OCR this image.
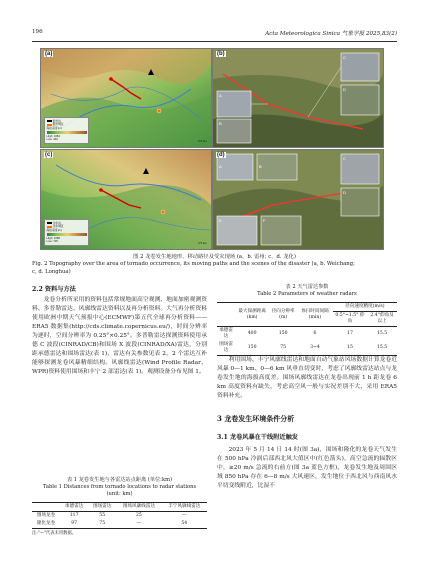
196	Acta Meteorologica Sinica 气象学报 2025,83(2)
(a)
雷州站
雷州城区
海拔高度(m)
High: 1684
Low: 340	0 5 km
(b)
A
B
C
D
(c)
龙华站
龙华城区
海拔高度(m)
High: 1686
Low: 725	0 5 km
(d)
A	B
C
D
E	F
图 2 龙卷发生地地形、移动路径及受灾现场 (a、b. 雷州; c、d. 龙化)
Fig. 2 Topography over the area of tornado occurrence, its moving paths and the scenes of the disaster (a, b. Weichang;
c, d. Longhua)
2.2 资料与方法

龙卷分析所采用的资料包括常规地面高空观测、地面加密观测资料、多普勒雷达、风廓线雷达资料以及再分析资料。大气再分析资料使用欧洲中期天气预报中心(ECMWF)第五代全球再分析资料——ERA5 数据集(http://cds.climate.copernicus.eu/)，时间分辨率为逐时，空间分辨率为 0.25°×0.25°。多普勒雷达探测资料使用承德 C 波段(CINRAD/CB)和围场 X 波段(CINRAD/XA)雷达，分别距承德雷达和围场雷达(表 1)，雷达有关参数见表 2，2 个雷达互补能够探测龙卷风暴精细结构。风廓线雷达(Wind Profile Radar，WPR)资料使用围场和丰宁 2 部雷达(表 1)。观测设备分布见图 1。

表 1 龙卷发生地与各雷达站点距离 (单位:km)
Table 1 Distances from tornado locations to radar stations
(unit: km)
	承德雷达	围场雷达	围场风廓线雷达	丰宁风廓线雷达
围场龙卷	117	55	25	—
隆化龙卷	97	75	—	54
注:"—"代表未用数据。
表 2 天气雷达参数
Table 2 Parameters of weather radars
	最大探测距离(km)	径向分辨率(m)	体扫时间间隔(min)	径向速度精度(m/s)	
				0.5°~1.5° 仰角	2.4°仰角及以上
承德雷达	400	150	6	17	15.5
围场雷达	150	75	3~4	15	15.5

利用围场、丰宁风廓线雷达和地面自动气象站风场数据计算龙卷近风暴 0—1 km、0—6 km 风垂直切变时，考虑了风廓线雷达站点与龙卷发生地的海拔高度差。围场风廓线雷达在龙卷出现前 1 h 距龙卷 6 km 高度资料有缺失，考虑高空风一般与实况差别不大，采用 ERA5 资料补充。

3 龙卷发生环境条件分析
3.1 龙卷风暴在干线附近触发

2023 年 5 月 14 日 14 时(图 3a)，围场和隆化的龙卷天气发生在 500 hPa 冷涡后部西北风大值区中(红色箭头)，高空急流的辐散区中，≥20 m/s 急流的右前方(图 3a 蓝色方框)，龙卷发生地及周围区域 850 hPa 存在 6—8 m/s 大风速区，发生地位于西北风与西南风水平切变线附近，比湿不
